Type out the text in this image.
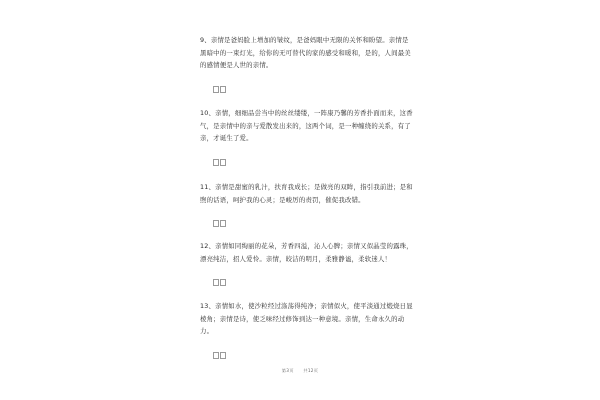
9、亲情是爸妈脸上增加的皱纹，是爸妈眼中无限的关怀和盼望。亲情是黑暗中的一束灯光，给你的无可替代的家的感受和暖和，是的，人间最美的感情便是人世的亲情。

10、亲情，细细品尝当中的丝丝缕缕，一阵康乃馨的芳香扑面而来，这香气，是亲情中的亲与爱散发出来的，这两个词，是一种缠绕的关系，有了亲，才诞生了爱。

11、亲情是甜蜜的乳汁，扶育我成长；是做亮的双眸，指引我前进；是和煦的话语，呵护我的心灵；是峻厉的责罚，催促我改错。

12、亲情如同绚丽的花朵，芳香四溢，沁人心脾；亲情又似晶莹的露珠，漂亮纯洁，招人爱怜。亲情，皎洁的明月，柔雅静谧，柔软迷人！

13、亲情如水，使沙粒经过涤荡得纯净；亲情似火，使平淡通过煅烧日显棱角；亲情是诗，使乏味经过修饰到达一种意境。亲情，生命永久的动力。

第3页 共12页
